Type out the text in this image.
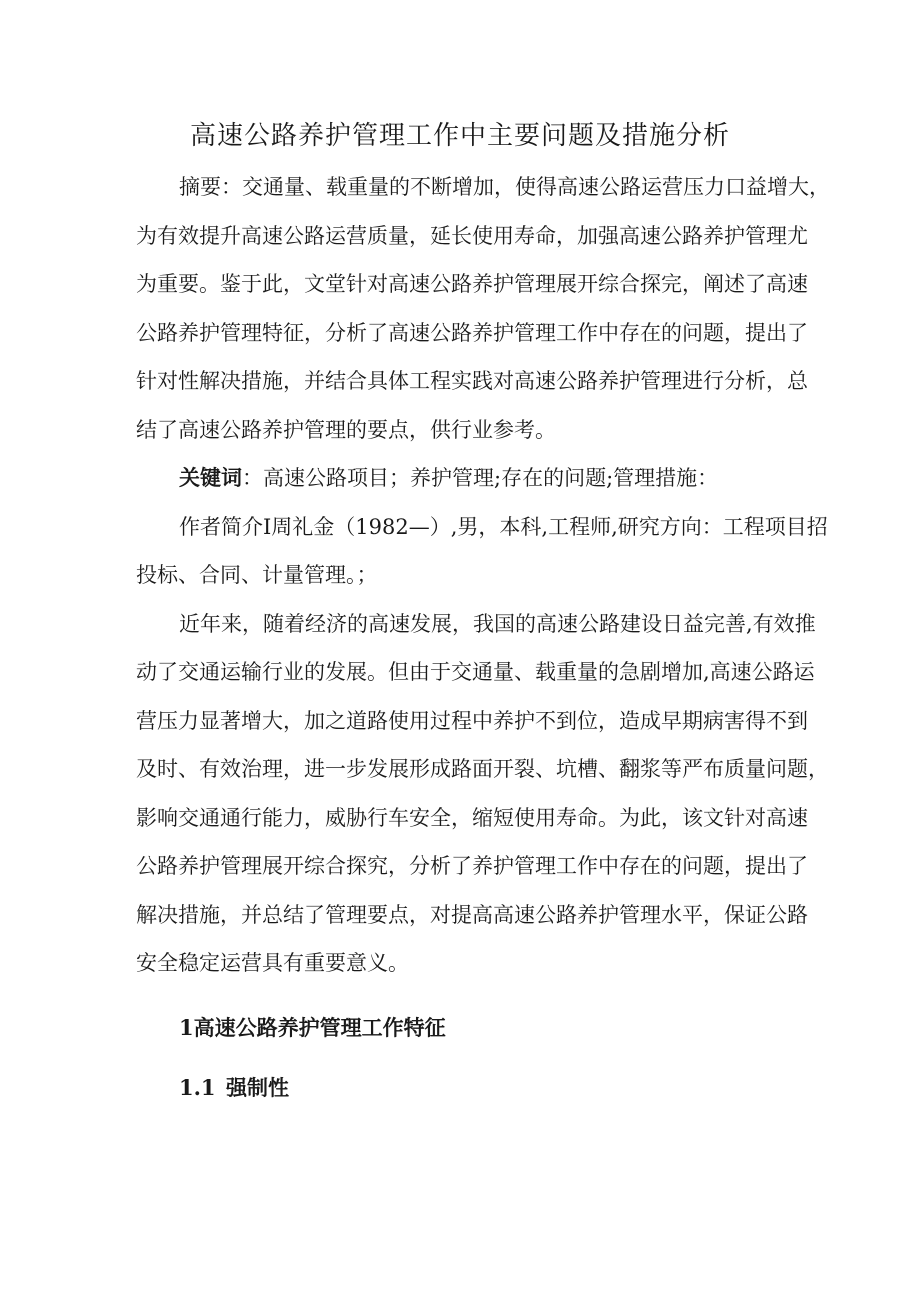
高速公路养护管理工作中主要问题及措施分析
摘要：交通量、载重量的不断增加，使得高速公路运营压力口益增大，
为有效提升高速公路运营质量，延长使用寿命，加强高速公路养护管理尤
为重要。鉴于此，文堂针对高速公路养护管理展开综合探完，阐述了高速
公路养护管理特征，分析了高速公路养护管理工作中存在的问题，提出了
针对性解决措施，并结合具体工程实践对高速公路养护管理进行分析，总
结了高速公路养护管理的要点，供行业参考。
关键词：高速公路项目；养护管理;存在的问题;管理措施：
作者简介I周礼金（1982—）,男，本科,工程师,研究方向：工程项目招
投标、合同、计量管理。；
近年来，随着经济的高速发展，我国的高速公路建设日益完善,有效推
动了交通运输行业的发展。但由于交通量、载重量的急剧增加,高速公路运
营压力显著增大，加之道路使用过程中养护不到位，造成早期病害得不到
及时、有效治理，进一步发展形成路面开裂、坑槽、翻浆等严布质量问题，
影响交通通行能力，威胁行车安全，缩短使用寿命。为此，该文针对高速
公路养护管理展开综合探究，分析了养护管理工作中存在的问题，提出了
解决措施，并总结了管理要点，对提高高速公路养护管理水平，保证公路
安全稳定运营具有重要意义。
1高速公路养护管理工作特征
1.1 强制性
